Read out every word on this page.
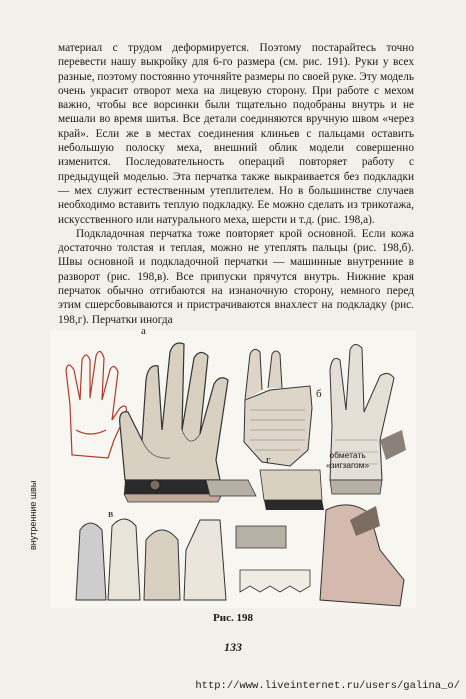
материал с трудом деформируется. Поэтому постарайтесь точно перевести нашу выкройку для 6-го размера (см. рис. 191). Руки у всех разные, поэтому постоянно уточняйте размеры по своей руке. Эту модель очень украсит отворот меха на лицевую сторону. При работе с мехом важно, чтобы все ворсинки были тщательно подобраны внутрь и не мешали во время шитья. Все детали соединяются вручную швом «через край». Если же в местах соединения клиньев с пальцами оставить небольшую полоску меха, внешний облик модели совершенно изменится. Последовательность операций повторяет работу с предыдущей моделью. Эта перчатка также выкраивается без подкладки — мех служит естественным утеплителем. Но в большинстве случаев необходимо вставить теплую подкладку. Ее можно сделать из трикотажа, искусственного или натурального меха, шерсти и т.д. (рис. 198,а).

Подкладочная перчатка тоже повторяет крой основной. Если кожа достаточно толстая и теплая, можно не утеплять пальцы (рис. 198,б). Швы основной и подкладочной перчатки — машинные внутренние в разворот (рис. 198,в). Все припуски прячутся внутрь. Нижние края перчаток обычно отгибаются на изнаночную сторону, немного перед этим сшерсбовываются и пристрачиваются внахлест на подкладку (рис. 198,г). Перчатки иногда

а
б
в
г
внутренние швы
обметать
«зигзагом»
Рис. 198
133
http://www.liveinternet.ru/users/galina_o/
